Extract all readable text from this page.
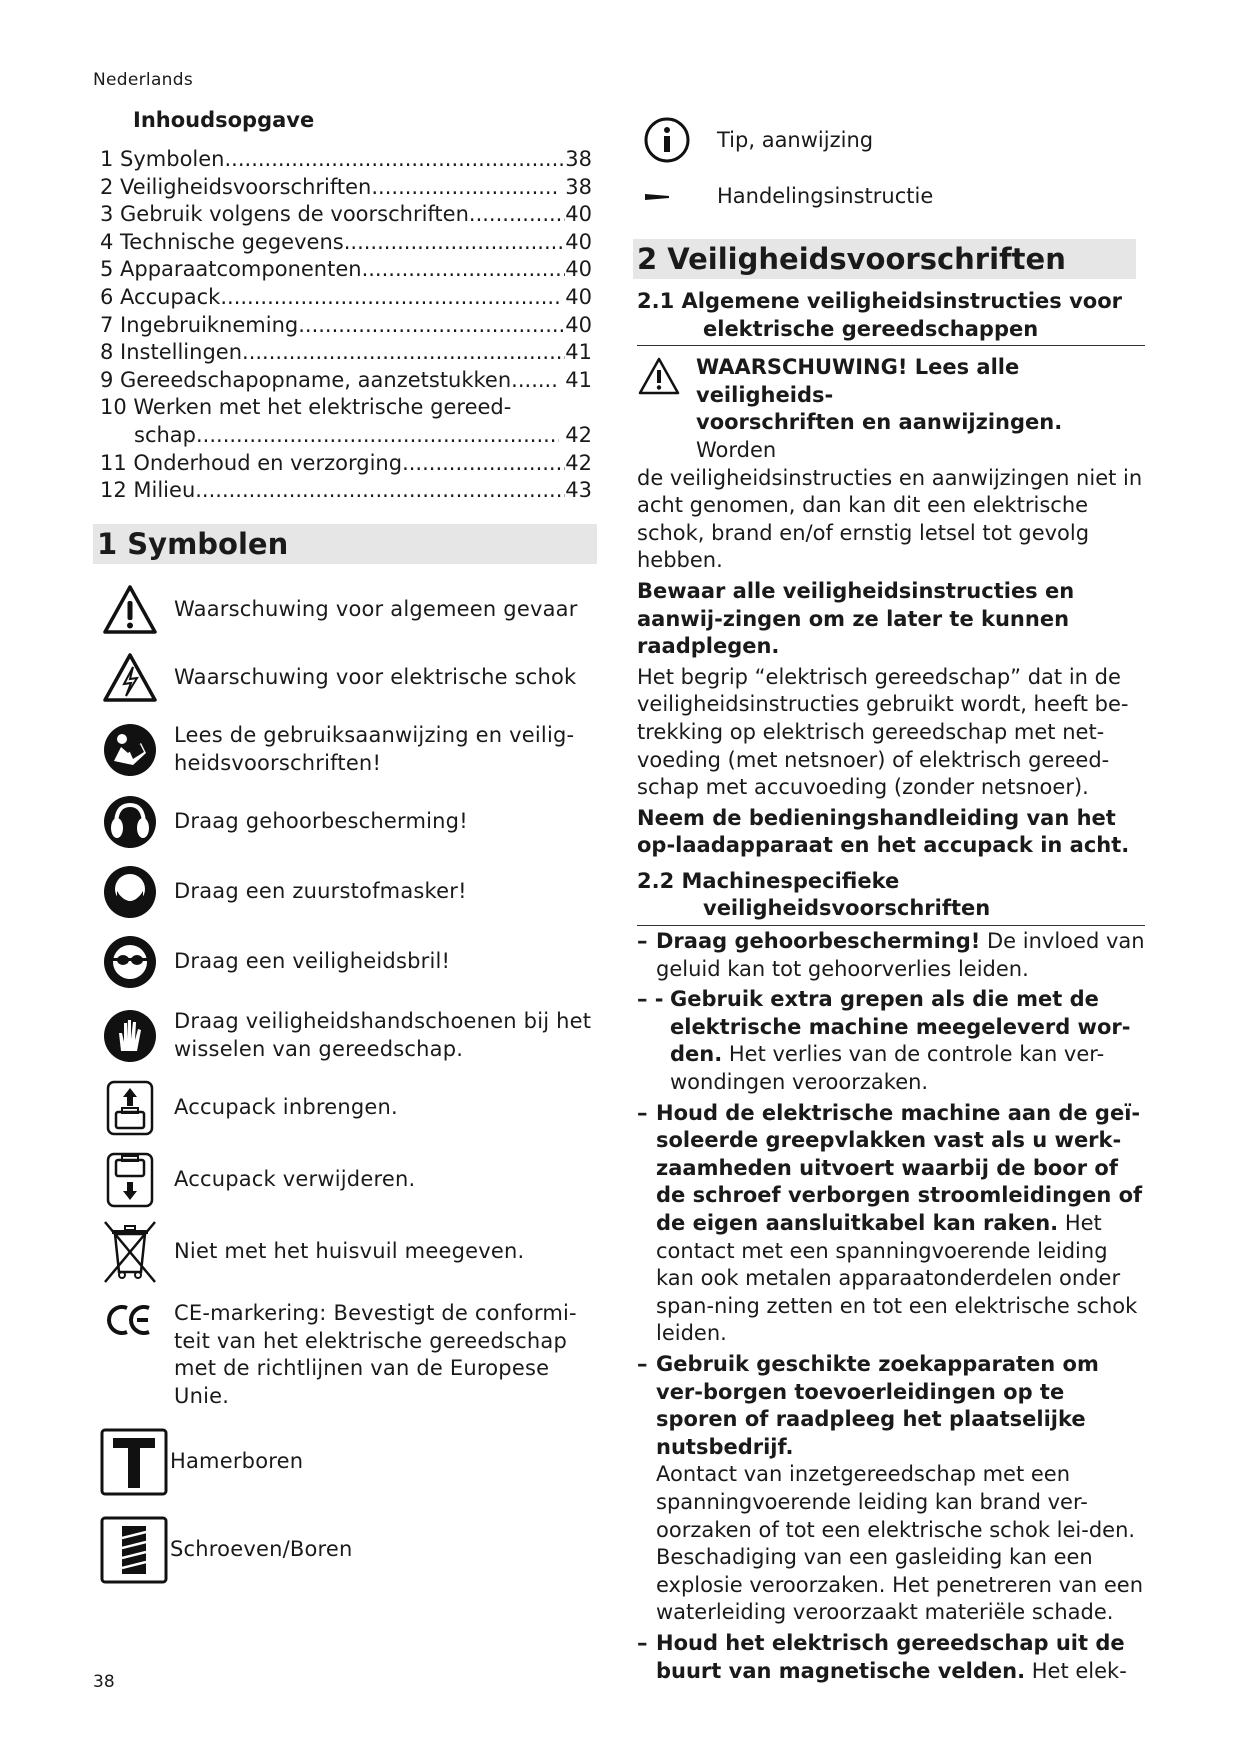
Nederlands
Inhoudsopgave
1 Symbolen .....	38
2 Veiligheidsvoorschriften .....	38
3 Gebruik volgens de voorschriften .....	40
4 Technische gegevens .....	40
5 Apparaatcomponenten .....	40
6 Accupack .....	40
7 Ingebruikneming .....	40
8 Instellingen .....	41
9 Gereedschapopname, aanzetstukken ..... 41
10 Werken met het elektrische gereed-
schap .....	42
11 Onderhoud en verzorging .....	42
12 Milieu .....	43
1 Symbolen
Waarschuwing voor algemeen gevaar
Waarschuwing voor elektrische schok
Lees de gebruiksaanwijzing en veilig-heidsvoorschriften!
Draag gehoorbescherming!
Draag een zuurstofmasker!
Draag een veiligheidsbril!
Draag veiligheidshandschoenen bij het wisselen van gereedschap.
Accupack inbrengen.
Accupack verwijderen.
Niet met het huisvuil meegeven.
CE-markering: Bevestigt de conformi-teit van het elektrische gereedschap met de richtlijnen van de Europese Unie.
Hamerboren
Schroeven/Boren
Tip, aanwijzing
Handelingsinstructie
2 Veiligheidsvoorschriften
2.1 Algemene veiligheidsinstructies voor
elektrische gereedschappen

WAARSCHUWING! Lees alle veiligheids-

voorschriften en aanwijzingen. Worden

de veiligheidsinstructies en aanwijzingen niet in acht genomen, dan kan dit een elektrische schok, brand en/of ernstig letsel tot gevolg hebben.

Bewaar alle veiligheidsinstructies en aanwij-zingen om ze later te kunnen raadplegen.

Het begrip “elektrisch gereedschap” dat in de veiligheidsinstructies gebruikt wordt, heeft be-trekking op elektrisch gereedschap met net-voeding (met netsnoer) of elektrisch gereed-schap met accuvoeding (zonder netsnoer).

Neem de bedieningshandleiding van het op-laadapparaat en het accupack in acht.

2.2 Machinespecifieke
veiligheidsvoorschriften
– Draag gehoorbescherming! De invloed van geluid kan tot gehoorverlies leiden.
– - Gebruik extra grepen als die met de elektrische machine meegeleverd wor-den. Het verlies van de controle kan ver-wondingen veroorzaken.
– Houd de elektrische machine aan de geï-soleerde greepvlakken vast als u werk-zaamheden uitvoert waarbij de boor of de schroef verborgen stroomleidingen of de eigen aansluitkabel kan raken. Het contact met een spanningvoerende leiding kan ook metalen apparaatonderdelen onder span-ning zetten en tot een elektrische schok leiden.
– Gebruik geschikte zoekapparaten om ver-borgen toevoerleidingen op te sporen of raadpleeg het plaatselijke nutsbedrijf.
Aontact van inzetgereedschap met een spanningvoerende leiding kan brand ver-oorzaken of tot een elektrische schok lei-den. Beschadiging van een gasleiding kan een explosie veroorzaken. Het penetreren van een waterleiding veroorzaakt materiële schade.
– Houd het elektrisch gereedschap uit de buurt van magnetische velden. Het elek-
38
